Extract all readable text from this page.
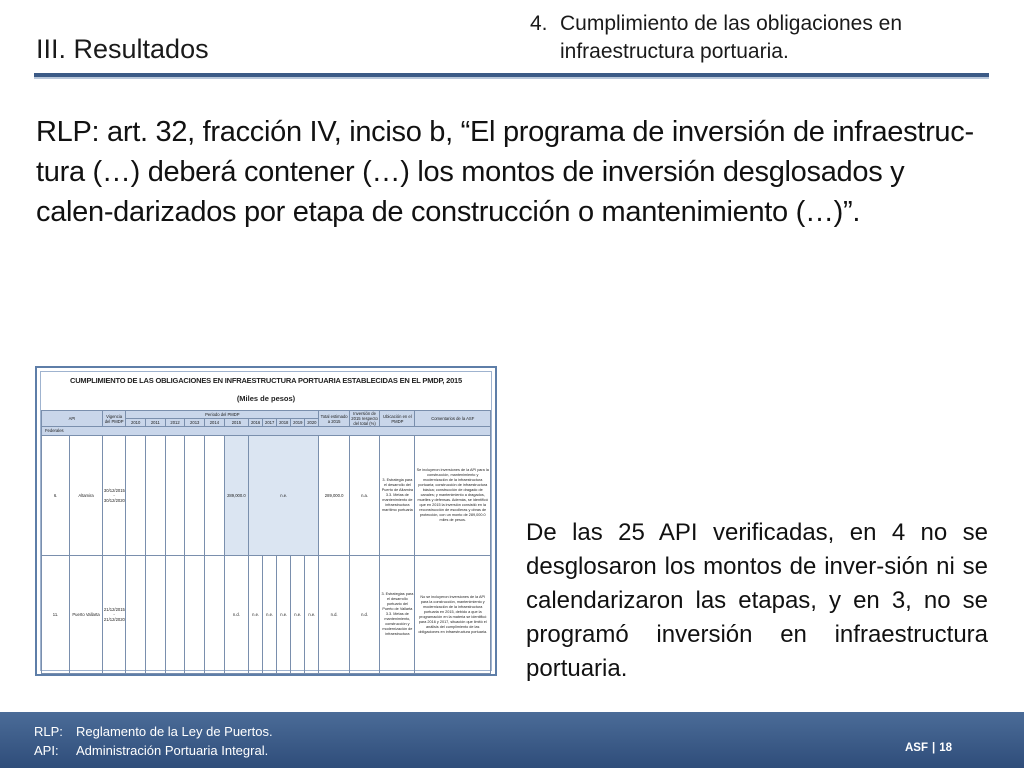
III. Resultados
4. Cumplimiento de las obligaciones en infraestructura portuaria.

RLP: art. 32, fracción IV, inciso b, “El programa de inversión de infraestruc-tura (…) deberá contener (…) los montos de inversión desglosados y calen-darizados por etapa de construcción o mantenimiento (…)”.

CUMPLIMIENTO DE LAS OBLIGACIONES EN INFRAESTRUCTURA PORTUARIA ESTABLECIDAS EN EL PMDP, 2015
(Miles de pesos)
API		Vigencia del PMDP	Periodo del PMDP											Total estimado a 2015	Inversión de 2015 respecto del total (%)	Ubicación en el PMDP	Comentarios de la ASF
			2010	2011	2012	2013	2014	2015	2016	2017	2018	2019	2020				
Federales																	
6.	Altamira	30/12/2015 - 30/12/2020						289,000.0	n.e.					289,000.0	n.a.	3. Estrategia para el desarrollo del Puerto de Altamira 3.3. Metas de mantenimiento de infraestructura marítimo portuaria	Se incluyeron inversiones de la API para la construcción, mantenimiento y modernización de la infraestructura portuaria; construcción de infraestructura básica; construcción de dragado de canales; y mantenimiento a dragados, muelles y defensas. Además, se identificó que en 2015 la inversión consistió en la reconstrucción de escolleras y obras de protección, con un monto de 289,000.0 miles de pesos.
11.	Puerto Vallarta	21/12/2015 - 21/12/2020						n.d.	n.e.	n.e.	n.e.	n.e.	n.e.	n.d.	n.d.	3. Estrategias para el desarrollo portuario del Puerto de Vallarta 3.3. Metas de mantenimiento, construcción y modernización de infraestructura	No se incluyeron inversiones de la API para la construcción, mantenimiento y modernización de la infraestructura portuaria en 2015, debido a que la programación en la materia se identificó para 2016 y 2017, situación que limitó el análisis del cumplimiento de las obligaciones en infraestructura portuaria.

De las 25 API verificadas, en 4 no se desglosaron los montos de inver-sión ni se calendarizaron las etapas, y en 3, no se programó inversión en infraestructura portuaria.

RLP:	Reglamento de la Ley de Puertos.
API:	Administración Portuaria Integral.	ASF | 18
